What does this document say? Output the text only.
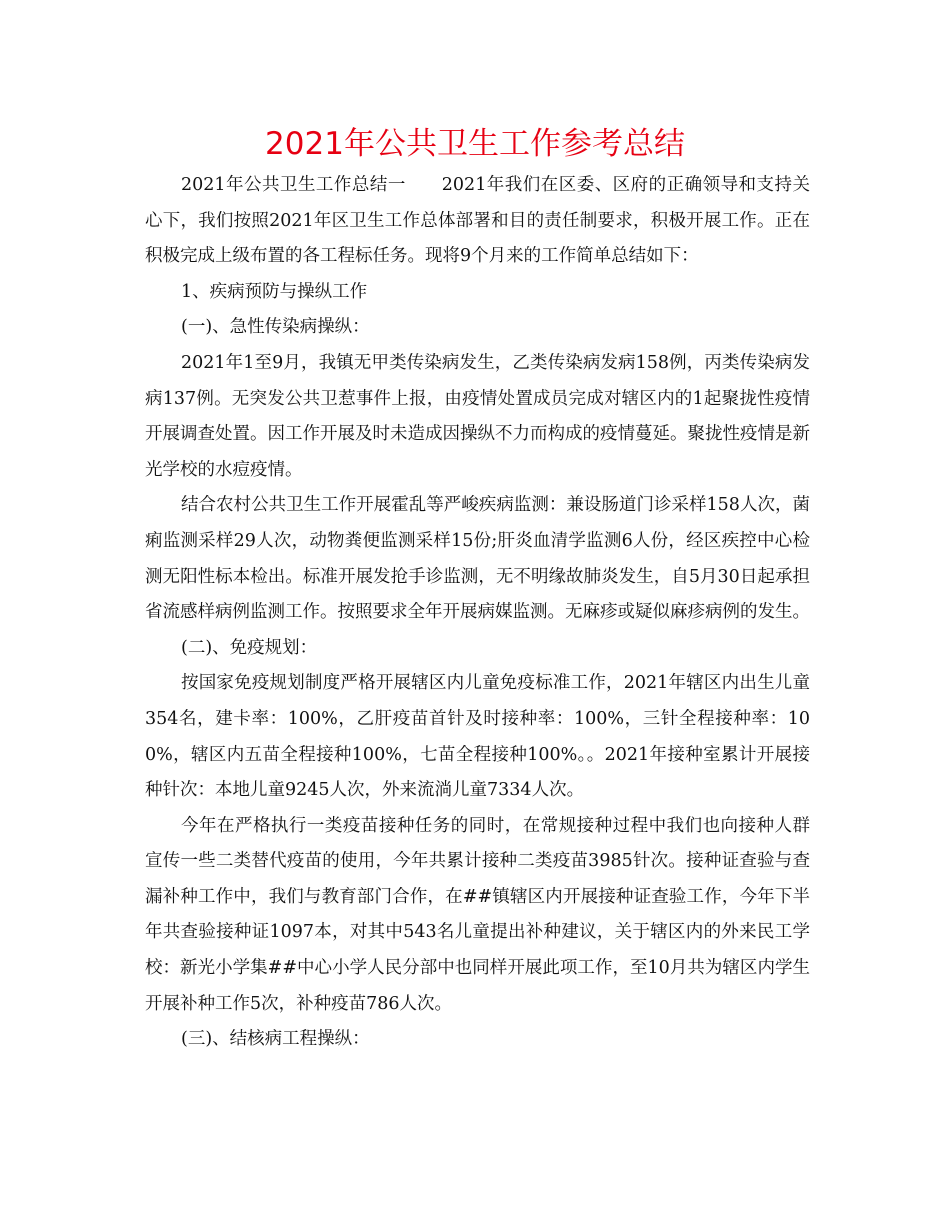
2021年公共卫生工作参考总结

2021年公共卫生工作总结一　　2021年我们在区委、区府的正确领导和支持关心下，我们按照2021年区卫生工作总体部署和目的责任制要求，积极开展工作。正在积极完成上级布置的各工程标任务。现将9个月来的工作简单总结如下：

1、疾病预防与操纵工作

(一)、急性传染病操纵：

2021年1至9月，我镇无甲类传染病发生，乙类传染病发病158例，丙类传染病发病137例。无突发公共卫惹事件上报，由疫情处置成员完成对辖区内的1起聚拢性疫情开展调查处置。因工作开展及时未造成因操纵不力而构成的疫情蔓延。聚拢性疫情是新光学校的水痘疫情。

结合农村公共卫生工作开展霍乱等严峻疾病监测：兼设肠道门诊采样158人次，菌痢监测采样29人次，动物粪便监测采样15份;肝炎血清学监测6人份，经区疾控中心检测无阳性标本检出。标准开展发抢手诊监测，无不明缘故肺炎发生，自5月30日起承担省流感样病例监测工作。按照要求全年开展病媒监测。无麻疹或疑似麻疹病例的发生。

(二)、免疫规划：

按国家免疫规划制度严格开展辖区内儿童免疫标准工作，2021年辖区内出生儿童354名，建卡率：100%，乙肝疫苗首针及时接种率：100%，三针全程接种率：100%，辖区内五苗全程接种100%，七苗全程接种100%。。2021年接种室累计开展接种针次：本地儿童9245人次，外来流淌儿童7334人次。

今年在严格执行一类疫苗接种任务的同时，在常规接种过程中我们也向接种人群宣传一些二类替代疫苗的使用，今年共累计接种二类疫苗3985针次。接种证查验与查漏补种工作中，我们与教育部门合作，在##镇辖区内开展接种证查验工作，今年下半年共查验接种证1097本，对其中543名儿童提出补种建议，关于辖区内的外来民工学校：新光小学集##中心小学人民分部中也同样开展此项工作，至10月共为辖区内学生开展补种工作5次，补种疫苗786人次。

(三)、结核病工程操纵：
